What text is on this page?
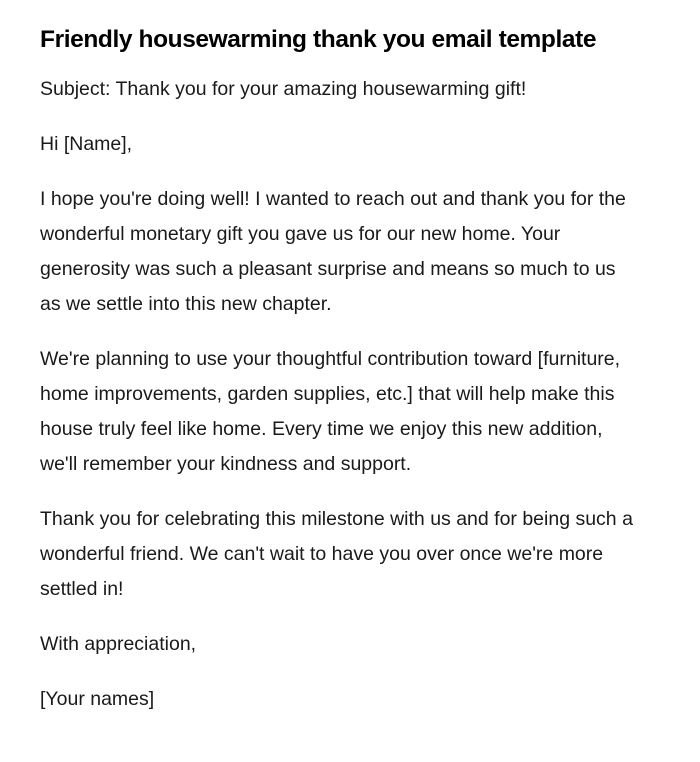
Friendly housewarming thank you email template

Subject: Thank you for your amazing housewarming gift!

Hi [Name],

I hope you're doing well! I wanted to reach out and thank you for the wonderful monetary gift you gave us for our new home. Your generosity was such a pleasant surprise and means so much to us as we settle into this new chapter.

We're planning to use your thoughtful contribution toward [furniture, home improvements, garden supplies, etc.] that will help make this house truly feel like home. Every time we enjoy this new addition, we'll remember your kindness and support.

Thank you for celebrating this milestone with us and for being such a wonderful friend. We can't wait to have you over once we're more settled in!

With appreciation,

[Your names]
